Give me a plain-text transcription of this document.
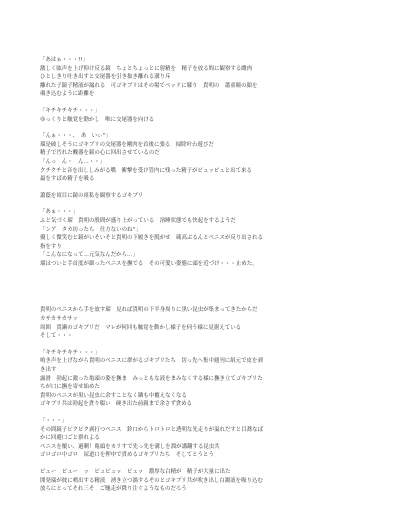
「あはぁ・・・!!」
激しく眩声を上げ仰け反る鏡　ちょとちょっとに射精を　精子を放る間に観察する雌肉
ひとしきり吐き出すと交尾器を引き抜き離れる溝り斥
離れた子鏡子精液が漏れる　可ゴキブリはその場でベッドに膝り　貴明の　蕭童瞳の顔を
覗き込むように距離を
「キチキチキチ・・・」
ゆっくりと触覚を動かし　唯に交尾器を向ける
「んぁ・・・、　あ　いぃ''」
瑠是破しそうにゴキブリの交尾器を剛肉を首後に張る　掃除叶わ遊びだ
精子で汚れた醜器を鏡の心に回出させているのだ
「んっ　ん・　ん...・・」
クチクチと音を出ししみがる嘴　衝撃を受け管内に残った精子がビュッビュと出て来る
最をすばめ精子を吸る
蕭蔭を頃目に鏡の祖私を観察するゴキブリ
「あぁ・・・」
ふと気づく瑠　貴明の股間が盛り上がっている　溶睡状態でも快起をするようだ
「ンア　タカ坊ったら　仕方ないのね''」
優しく微笑むと鏡がいそいそと貴明の下履きを脱がせ　蔵高ぶるんとペニスが反り出される
指をすり
「こんなになって…元気なんだから…」
瑠はついと手首度が細ったペニスを撫でる　その可愛い姿態に頭を近づけ・・・止めた。
貴明のペニスから手を放す瑠　見れば貴明の下半身周りに黒い昆虫が集まってきたからだ
カサカサカサッ
周囲　貴瀬のゴキブリだ　マレが何回も触覚を動かし様子を伺う様に見据えている
そして・・・
「キチキチキチ・・・」
鳴き声を上げながら貴明のペニスに群がるゴキブリたち　切っ先へ集中週刊に組元で皮を剥
き出す
露滑　勃起に激った亀頭の姿を撫ま　みっともな液をまみなくする様に撫き立てゴキブリた
ちが口に撫を寄せ始めた
貴明のペニスが黒い昆虫に余すことなく隣も中覆えなくなる
ゴキブリ共は勃起を貪り啜い　硬き出た前親まで余さず貪める
「・・・」
その間鏡子ピクピク剥打つペニス　鈴口からトロトロと透明な先走りが溢れだすと目蕎なば
かに回避口ごと群れよる
ペニスを覆い、過剰！亀頭をカリすで先っ先を溝しを溜が講翻する昆虫共
ゴロゴロ中ゴロ　尿道口を押申で貫めるゴキブリたち　そしてとうとう
ビュー　ビュー　ッ　ビュビュッ　ビュッ　濃厚な白精が　精子が大量に出た
開発瑞が彼に噴出する精液　湧き立つ渦するぞのとゴキブリ共が吹き出し白濁液を吸り込む
放らにとってそれ三そ　ご馳走が降り注ぐようなものだろう
